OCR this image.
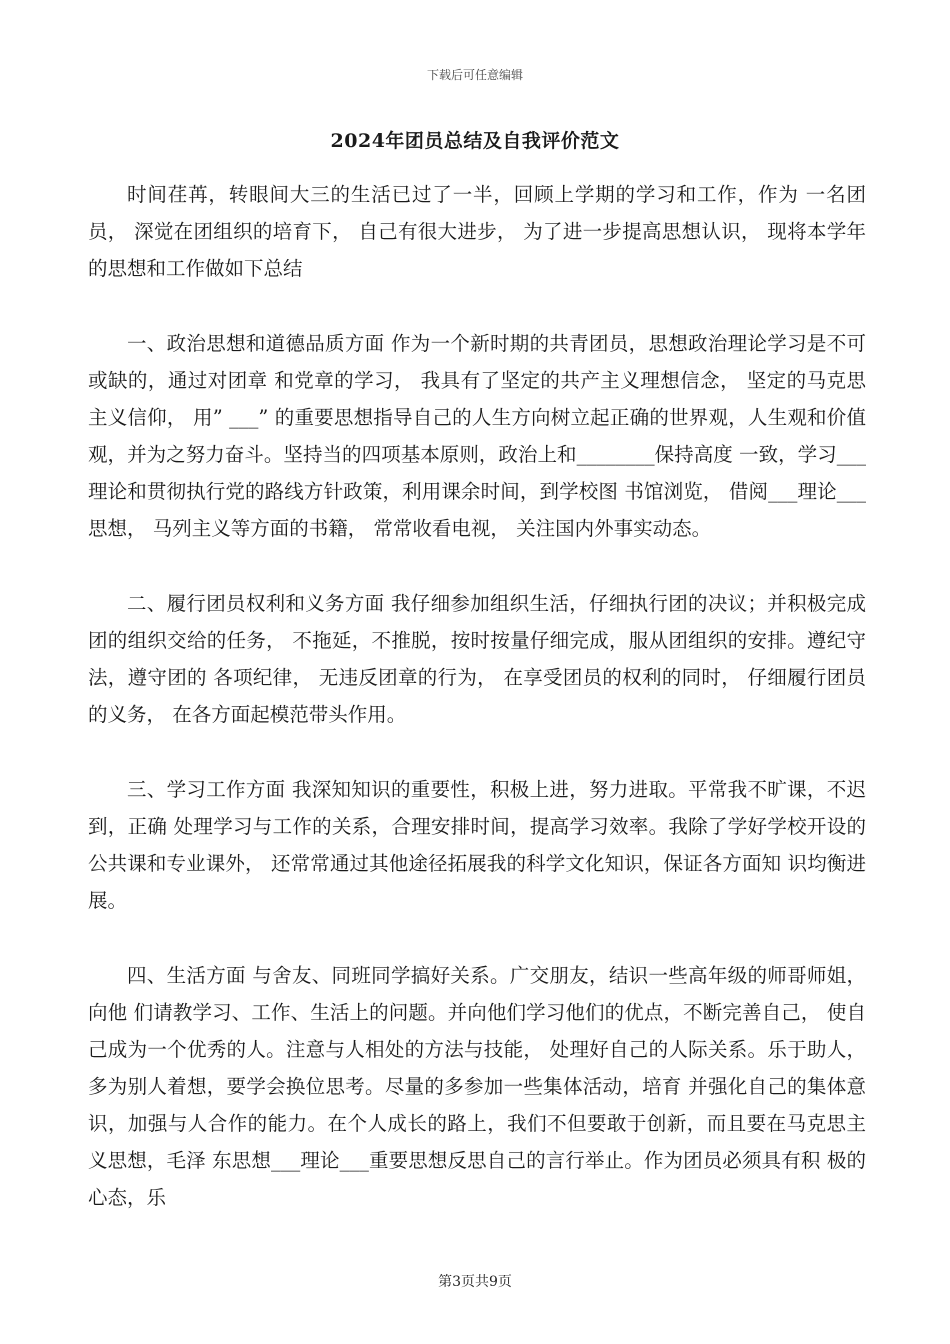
下载后可任意编辑
2024年团员总结及自我评价范文

时间荏苒，转眼间大三的生活已过了一半，回顾上学期的学习和工作，作为 一名团员， 深觉在团组织的培育下， 自己有很大进步， 为了进一步提高思想认识， 现将本学年的思想和工作做如下总结

一、政治思想和道德品质方面 作为一个新时期的共青团员，思想政治理论学习是不可或缺的，通过对团章 和党章的学习， 我具有了坚定的共产主义理想信念， 坚定的马克思主义信仰， 用” ___” 的重要思想指导自己的人生方向树立起正确的世界观，人生观和价值 观，并为之努力奋斗。坚持当的四项基本原则，政治上和________保持高度 一致，学习___理论和贯彻执行党的路线方针政策，利用课余时间，到学校图 书馆浏览， 借阅___理论___思想， 马列主义等方面的书籍， 常常收看电视， 关注国内外事实动态。

二、履行团员权利和义务方面 我仔细参加组织生活，仔细执行团的决议；并积极完成团的组织交给的任务， 不拖延，不推脱，按时按量仔细完成，服从团组织的安排。遵纪守法，遵守团的 各项纪律， 无违反团章的行为， 在享受团员的权利的同时， 仔细履行团员的义务， 在各方面起模范带头作用。

三、学习工作方面 我深知知识的重要性，积极上进，努力进取。平常我不旷课，不迟到，正确 处理学习与工作的关系，合理安排时间，提高学习效率。我除了学好学校开设的 公共课和专业课外， 还常常通过其他途径拓展我的科学文化知识，保证各方面知 识均衡进展。

四、生活方面 与舍友、同班同学搞好关系。广交朋友，结识一些高年级的师哥师姐，向他 们请教学习、工作、生活上的问题。并向他们学习他们的优点，不断完善自己， 使自己成为一个优秀的人。注意与人相处的方法与技能， 处理好自己的人际关系。乐于助人，多为别人着想，要学会换位思考。尽量的多参加一些集体活动，培育 并强化自己的集体意识，加强与人合作的能力。在个人成长的路上，我们不但要敢于创新，而且要在马克思主义思想，毛泽 东思想___理论___重要思想反思自己的言行举止。作为团员必须具有积 极的心态，乐

第3页共9页
